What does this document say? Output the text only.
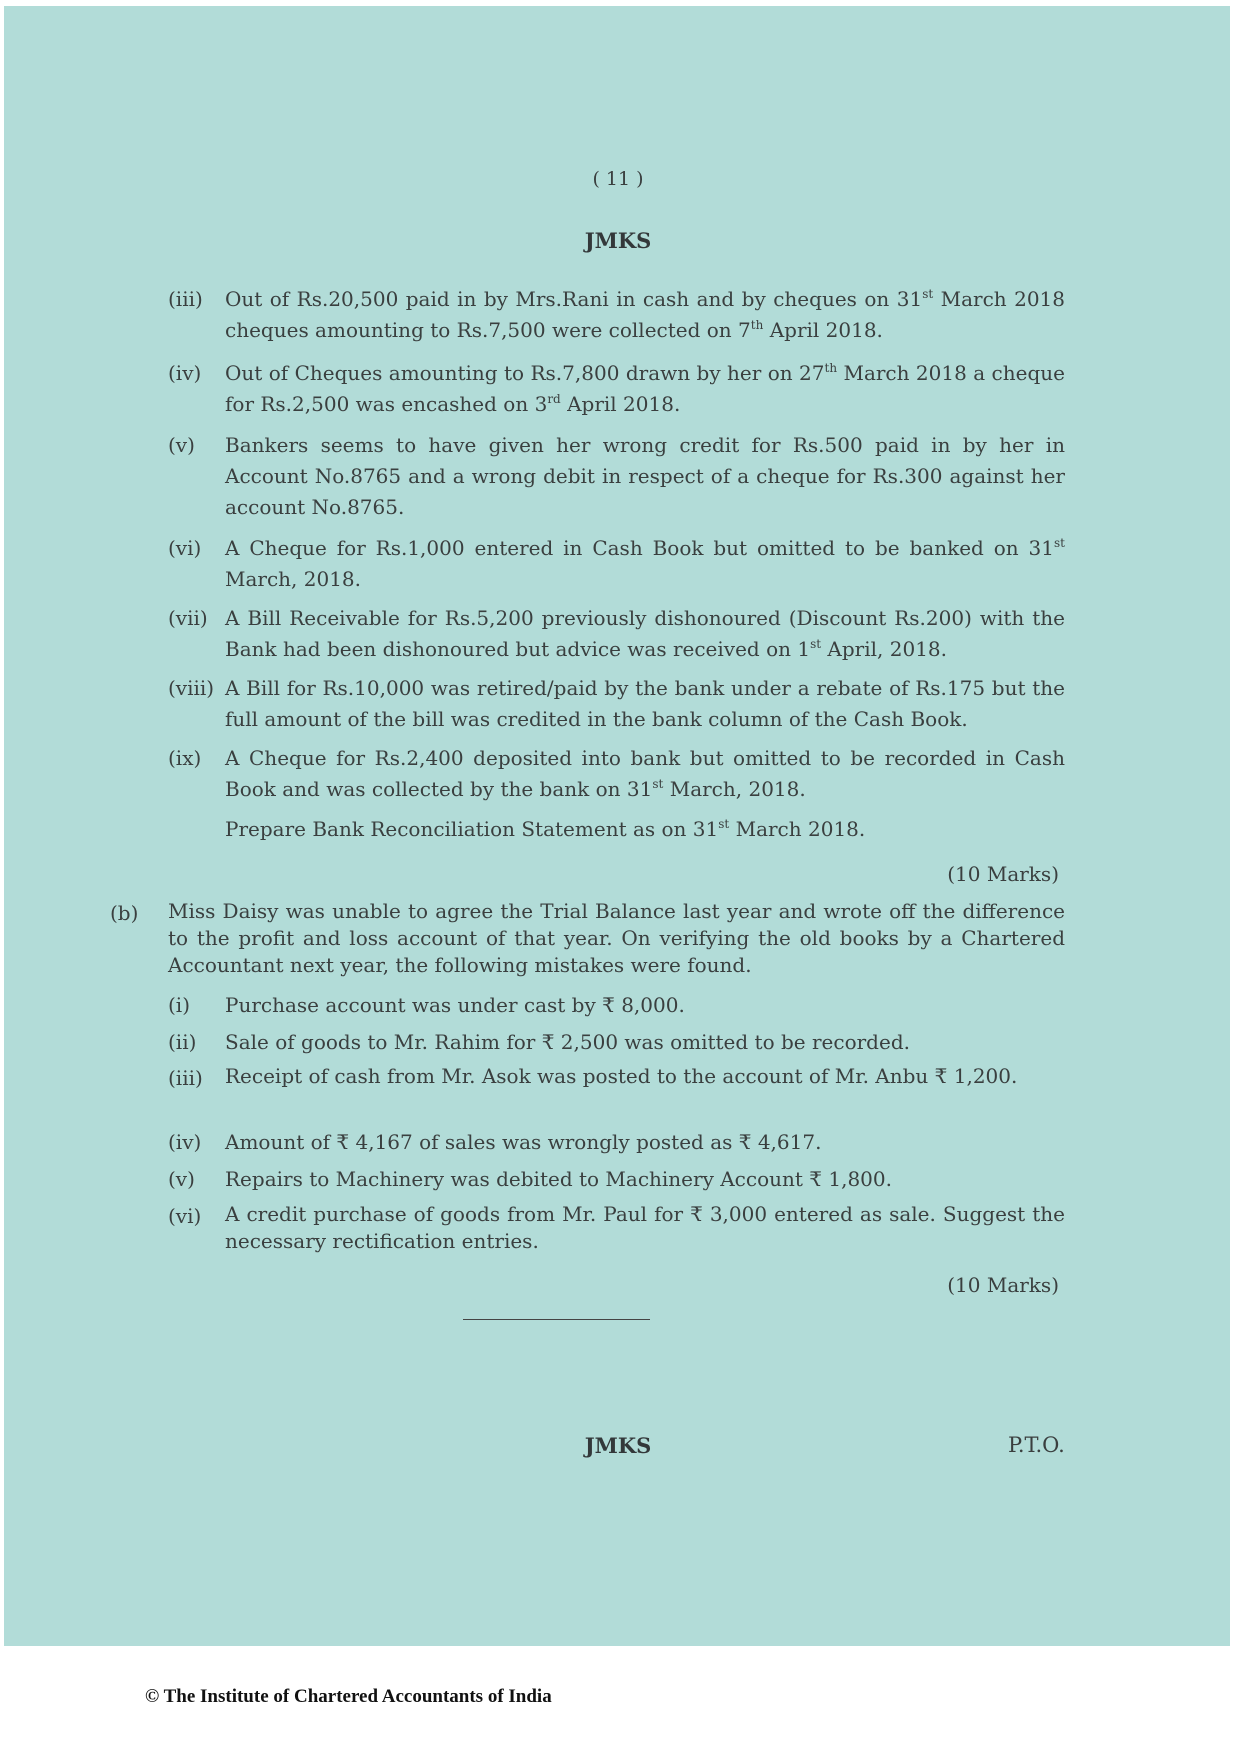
( 11 )
JMKS
(iii) Out of Rs.20,500 paid in by Mrs.Rani in cash and by cheques on 31st March 2018 cheques amounting to Rs.7,500 were collected on 7th April 2018.
(iv) Out of Cheques amounting to Rs.7,800 drawn by her on 27th March 2018 a cheque for Rs.2,500 was encashed on 3rd April 2018.
(v) Bankers seems to have given her wrong credit for Rs.500 paid in by her in Account No.8765 and a wrong debit in respect of a cheque for Rs.300 against her account No.8765.
(vi) A Cheque for Rs.1,000 entered in Cash Book but omitted to be banked on 31st March, 2018.
(vii) A Bill Receivable for Rs.5,200 previously dishonoured (Discount Rs.200) with the Bank had been dishonoured but advice was received on 1st April, 2018.
(viii) A Bill for Rs.10,000 was retired/paid by the bank under a rebate of Rs.175 but the full amount of the bill was credited in the bank column of the Cash Book.
(ix) A Cheque for Rs.2,400 deposited into bank but omitted to be recorded in Cash Book and was collected by the bank on 31st March, 2018.
Prepare Bank Reconciliation Statement as on 31st March 2018.
(10 Marks)
(b) Miss Daisy was unable to agree the Trial Balance last year and wrote off the difference to the profit and loss account of that year. On verifying the old books by a Chartered Accountant next year, the following mistakes were found.
(i) Purchase account was under cast by ₹ 8,000.
(ii) Sale of goods to Mr. Rahim for ₹ 2,500 was omitted to be recorded.
(iii) Receipt of cash from Mr. Asok was posted to the account of Mr. Anbu ₹ 1,200.
(iv) Amount of ₹ 4,167 of sales was wrongly posted as ₹ 4,617.
(v) Repairs to Machinery was debited to Machinery Account ₹ 1,800.
(vi) A credit purchase of goods from Mr. Paul for ₹ 3,000 entered as sale. Suggest the necessary rectification entries.
(10 Marks)
JMKS	P.T.O.
© The Institute of Chartered Accountants of India
